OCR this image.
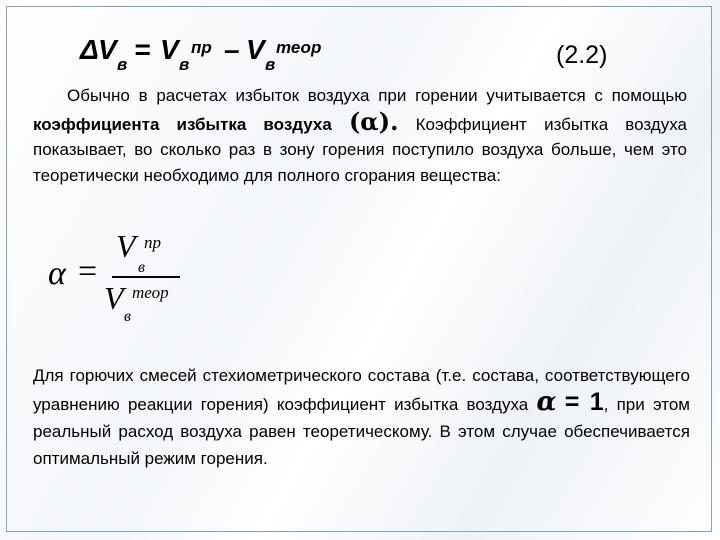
Δ V в = V в
пр – V в
теор	(2.2)
Обычно в расчетах избыток воздуха при горении учитывается с помощью коэффициента избытка воздуха (α). Коэффициент избытка воздуха показывает, во сколько раз в зону горения поступило воздуха больше, чем это теоретически необходимо для полного сгорания вещества:
α =
V пр
в
V теор
в
Для горючих смесей стехиометрического состава (т.е. состава, соответствующего уравнению реакции горения) коэффициент избытка воздуха α = 1, при этом реальный расход воздуха равен теоретическому. В этом случае обеспечивается оптимальный режим горения.
